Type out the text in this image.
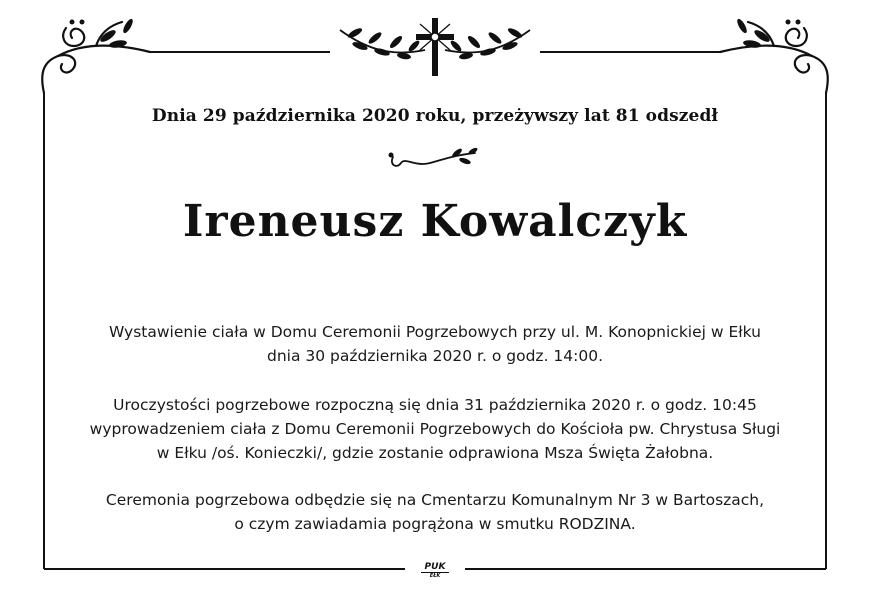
Dnia 29 października 2020 roku, przeżywszy lat 81 odszedł
Ireneusz Kowalczyk
Wystawienie ciała w Domu Ceremonii Pogrzebowych przy ul. M. Konopnickiej w Ełku
dnia 30 października 2020 r. o godz. 14:00.
Uroczystości pogrzebowe rozpoczną się dnia 31 października 2020 r. o godz. 10:45
wyprowadzeniem ciała z Domu Ceremonii Pogrzebowych do Kościoła pw. Chrystusa Sługi
w Ełku /oś. Konieczki/, gdzie zostanie odprawiona Msza Święta Żałobna.
Ceremonia pogrzebowa odbędzie się na Cmentarzu Komunalnym Nr 3 w Bartoszach,
o czym zawiadamia pogrążona w smutku RODZINA.
PUK
EŁK
